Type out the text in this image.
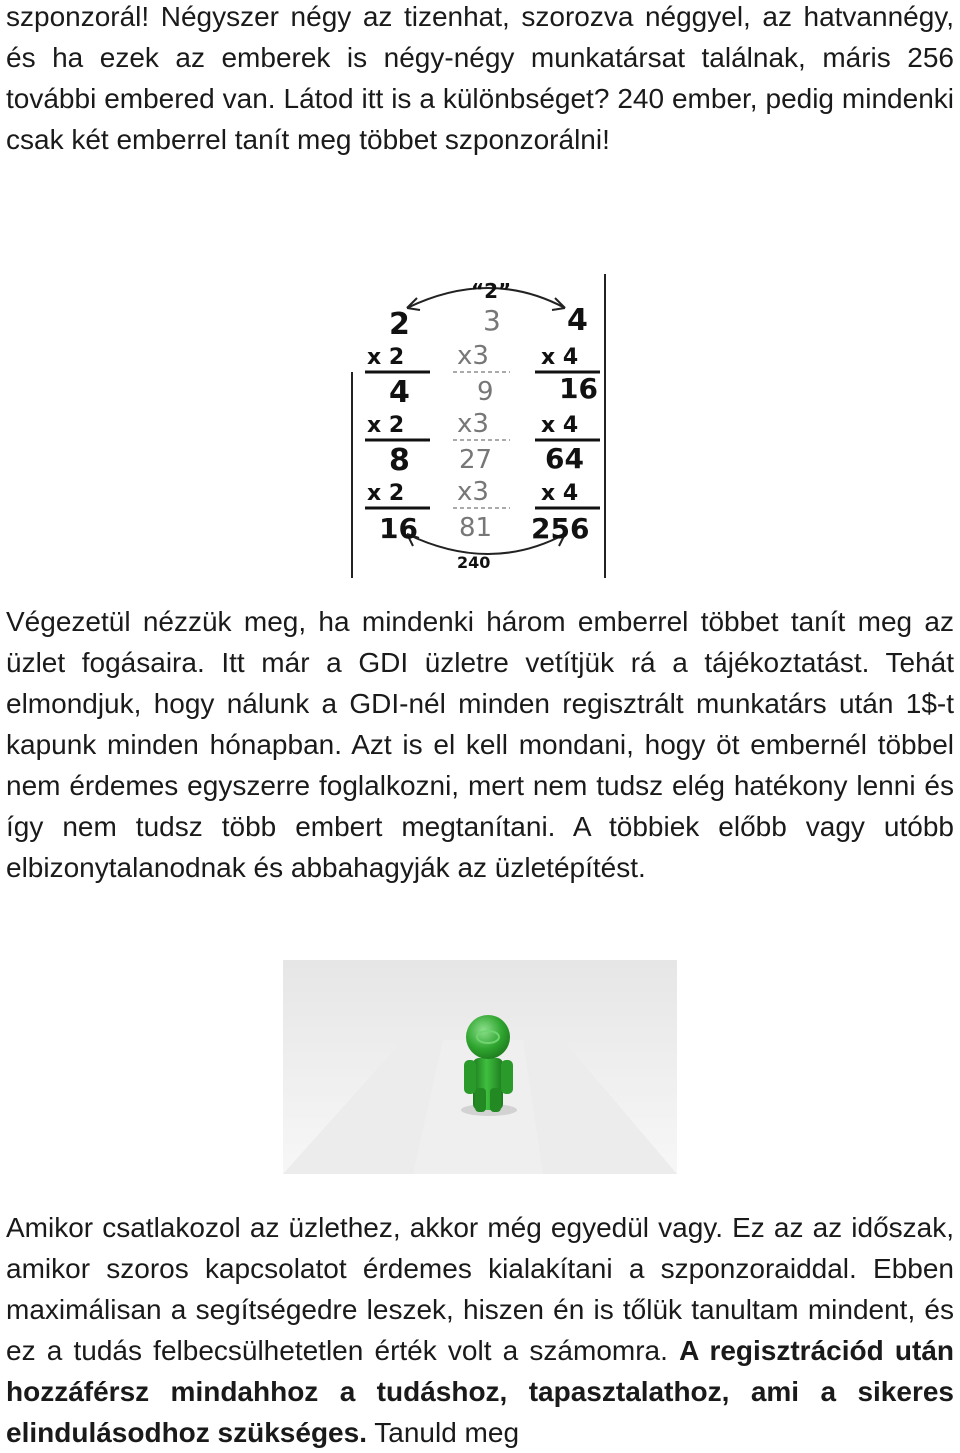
szponzorál! Négyszer négy az tizenhat, szorozva néggyel, az hatvannégy, és ha ezek az emberek is négy-négy munkatársat találnak, máris 256 további embered van. Látod itt is a különbséget? 240 ember, pedig mindenki csak két emberrel tanít meg többet szponzorálni!

“2”
240
2
x 2
4
x 2
8
x 2
16
3
x3
9
x3
27
x3
81
4
x 4
16
x 4
64
x 4
256

Végezetül nézzük meg, ha mindenki három emberrel többet tanít meg az üzlet fogásaira. Itt már a GDI üzletre vetítjük rá a tájékoztatást. Tehát elmondjuk, hogy nálunk a GDI-nél minden regisztrált munkatárs után 1$-t kapunk minden hónapban. Azt is el kell mondani, hogy öt embernél többel nem érdemes egyszerre foglalkozni, mert nem tudsz elég hatékony lenni és így nem tudsz több embert megtanítani. A többiek előbb vagy utóbb elbizonytalanodnak és abbahagyják az üzletépítést.

Amikor csatlakozol az üzlethez, akkor még egyedül vagy. Ez az az időszak, amikor szoros kapcsolatot érdemes kialakítani a szponzoraiddal. Ebben maximálisan a segítségedre leszek, hiszen én is tőlük tanultam mindent, és ez a tudás felbecsülhetetlen érték volt a számomra. A regisztrációd után hozzáférsz mindahhoz a tudáshoz, tapasztalathoz, ami a sikeres elindulásodhoz szükséges. Tanuld meg
